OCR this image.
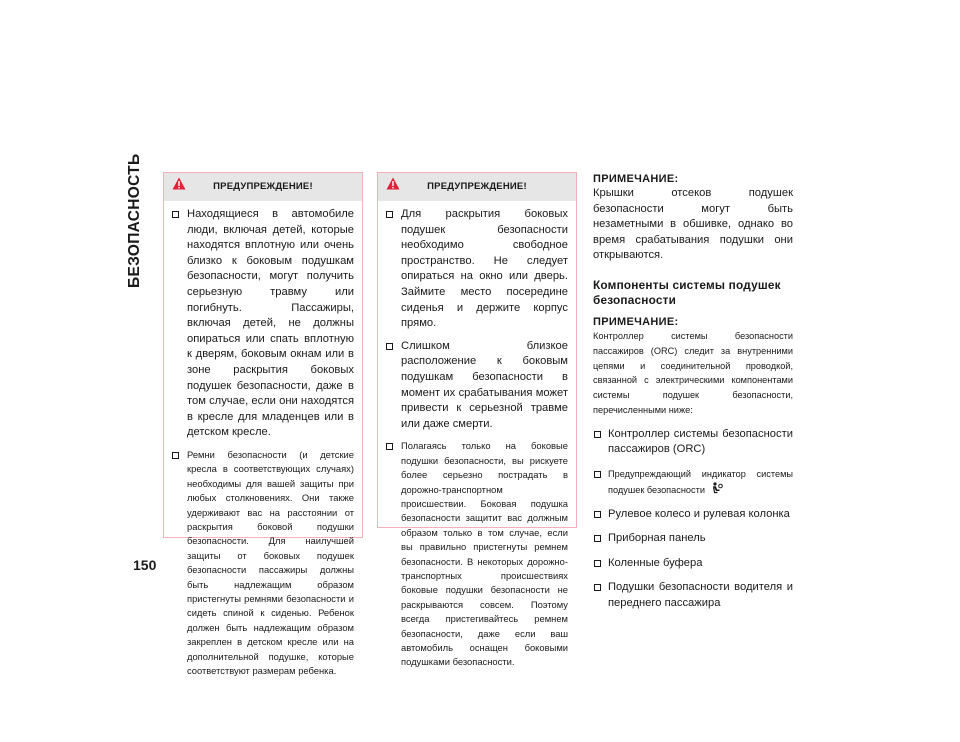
БЕЗОПАСНОСТЬ
150
ПРЕДУПРЕЖДЕНИЕ!
Находящиеся в автомобиле люди, включая детей, которые находятся вплотную или очень близко к боковым подушкам безопасности, могут получить серьезную травму или погибнуть. Пассажиры, включая детей, не должны опираться или спать вплотную к дверям, боковым окнам или в зоне раскрытия боковых подушек безопасности, даже в том случае, если они находятся в кресле для младенцев или в детском кресле.
Ремни безопасности (и детские кресла в соответствующих случаях) необходимы для вашей защиты при любых столкновениях. Они также удерживают вас на расстоянии от раскрытия боковой подушки безопасности. Для наилучшей защиты от боковых подушек безопасности пассажиры должны быть надлежащим образом пристегнуты ремнями безопасности и сидеть спиной к сиденью. Ребенок должен быть надлежащим образом закреплен в детском кресле или на дополнительной подушке, которые соответствуют размерам ребенка.
ПРЕДУПРЕЖДЕНИЕ!
Для раскрытия боковых подушек безопасности необходимо свободное пространство. Не следует опираться на окно или дверь. Займите место посередине сиденья и держите корпус прямо.
Слишком близкое расположение к боковым подушкам безопасности в момент их срабатывания может привести к серьезной травме или даже смерти.
Полагаясь только на боковые подушки безопасности, вы рискуете более серьезно пострадать в дорожно-транспортном происшествии. Боковая подушка безопасности защитит вас должным образом только в том случае, если вы правильно пристегнуты ремнем безопасности. В некоторых дорожно-транспортных происшествиях боковые подушки безопасности не раскрываются совсем. Поэтому всегда пристегивайтесь ремнем безопасности, даже если ваш автомобиль оснащен боковыми подушками безопасности.
ПРИМЕЧАНИЕ:
Крышки отсеков подушек безопасности могут быть незаметными в обшивке, однако во время срабатывания подушки они открываются.
Компоненты системы подушек безопасности
ПРИМЕЧАНИЕ:
Контроллер системы безопасности пассажиров (ORC) следит за внутренними цепями и соединительной проводкой, связанной с электрическими компонентами системы подушек безопасности, перечисленными ниже:
Контроллер системы безопасности пассажиров (ORC)
Предупреждающий индикатор системы подушек безопасности
Рулевое колесо и рулевая колонка
Приборная панель
Коленные буфера
Подушки безопасности водителя и переднего пассажира
